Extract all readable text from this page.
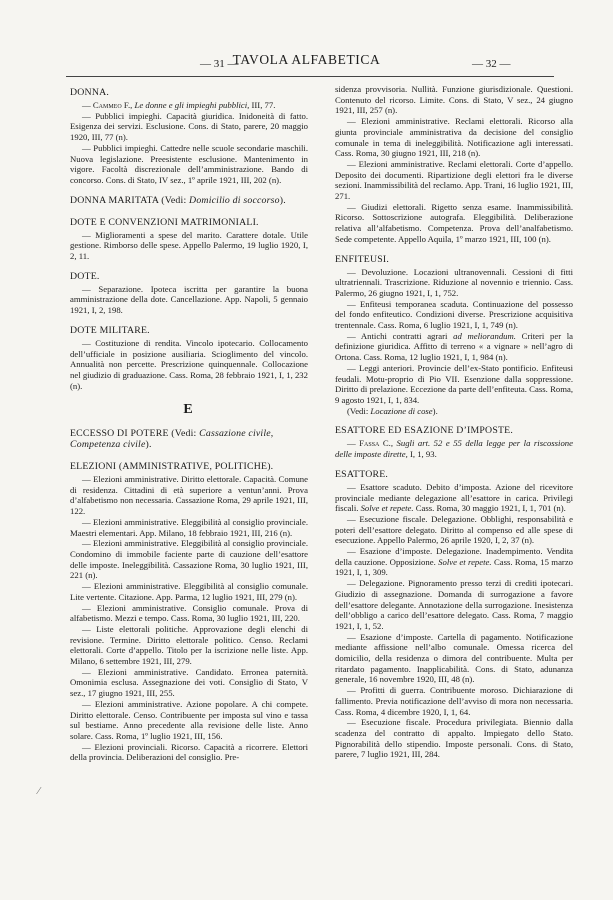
— 31 —
TAVOLA ALFABETICA	— 32 —
DONNA.

— Cammeo F., Le donne e gli impieghi pubblici, III, 77.

— Pubblici impieghi. Capacità giuridica. Inidoneità di fatto. Esigenza dei servizi. Esclusione. Cons. di Stato, parere, 20 maggio 1920, III, 77 (n).

— Pubblici impieghi. Cattedre nelle scuole secondarie maschili. Nuova legislazione. Preesistente esclusione. Mantenimento in vigore. Facoltà discrezionale dell’amministrazione. Bando di concorso. Cons. di Stato, IV sez., 1º aprile 1921, III, 202 (n).

DONNA MARITATA (Vedi: Domicilio di soccorso).
DOTE E CONVENZIONI MATRIMONIALI.

— Miglioramenti a spese del marito. Carattere dotale. Utile gestione. Rimborso delle spese. Appello Palermo, 19 luglio 1920, I, 2, 11.

DOTE.

— Separazione. Ipoteca iscritta per garantire la buona amministrazione della dote. Cancellazione. App. Napoli, 5 gennaio 1921, I, 2, 198.

DOTE MILITARE.

— Costituzione di rendita. Vincolo ipotecario. Collocamento dell’ufficiale in posizione ausiliaria. Scioglimento del vincolo. Annualità non percette. Prescrizione quinquennale. Collocazione nel giudizio di graduazione. Cass. Roma, 28 febbraio 1921, I, 1, 232 (n).

E
ECCESSO DI POTERE (Vedi: Cassazione civile, Competenza civile).
ELEZIONI (AMMINISTRATIVE, POLITICHE).

— Elezioni amministrative. Diritto elettorale. Capacità. Comune di residenza. Cittadini di età superiore a ventun’anni. Prova d’alfabetismo non necessaria. Cassazione Roma, 29 aprile 1921, III, 122.

— Elezioni amministrative. Eleggibilità al consiglio provinciale. Maestri elementari. App. Milano, 18 febbraio 1921, III, 216 (n).

— Elezioni amministrative. Eleggibilità al consiglio provinciale. Condomino di immobile faciente parte di cauzione dell’esattore delle imposte. Ineleggibilità. Cassazione Roma, 30 luglio 1921, III, 221 (n).

— Elezioni amministrative. Eleggibilità al consiglio comunale. Lite vertente. Citazione. App. Parma, 12 luglio 1921, III, 279 (n).

— Elezioni amministrative. Consiglio comunale. Prova di alfabetismo. Mezzi e tempo. Cass. Roma, 30 luglio 1921, III, 220.

— Liste elettorali politiche. Approvazione degli elenchi di revisione. Termine. Diritto elettorale politico. Censo. Reclami elettorali. Corte d’appello. Titolo per la iscrizione nelle liste. App. Milano, 6 settembre 1921, III, 279.

— Elezioni amministrative. Candidato. Erronea paternità. Omonimia esclusa. Assegnazione dei voti. Consiglio di Stato, V sez., 17 giugno 1921, III, 255.

— Elezioni amministrative. Azione popolare. A chi compete. Diritto elettorale. Censo. Contribuente per imposta sul vino e tassa sul bestiame. Anno precedente alla revisione delle liste. Anno solare. Cass. Roma, 1º luglio 1921, III, 156.

— Elezioni provinciali. Ricorso. Capacità a ricorrere. Elettori della provincia. Deliberazioni del consiglio. Pre-

sidenza provvisoria. Nullità. Funzione giurisdizionale. Questioni. Contenuto del ricorso. Limite. Cons. di Stato, V sez., 24 giugno 1921, III, 257 (n).

— Elezioni amministrative. Reclami elettorali. Ricorso alla giunta provinciale amministrativa da decisione del consiglio comunale in tema di ineleggibilità. Notificazione agli interessati. Cass. Roma, 30 giugno 1921, III, 218 (n).

— Elezioni amministrative. Reclami elettorali. Corte d’appello. Deposito dei documenti. Ripartizione degli elettori fra le diverse sezioni. Inammissibilità del reclamo. App. Trani, 16 luglio 1921, III, 271.

— Giudizi elettorali. Rigetto senza esame. Inammissibilità. Ricorso. Sottoscrizione autografa. Eleggibilità. Deliberazione relativa all’alfabetismo. Competenza. Prova dell’analfabetismo. Sede competente. Appello Aquila, 1º marzo 1921, III, 100 (n).

ENFITEUSI.

— Devoluzione. Locazioni ultranovennali. Cessioni di fitti ultratriennali. Trascrizione. Riduzione al novennio e triennio. Cass. Palermo, 26 giugno 1921, I, 1, 752.

— Enfiteusi temporanea scaduta. Continuazione del possesso del fondo enfiteutico. Condizioni diverse. Prescrizione acquisitiva trentennale. Cass. Roma, 6 luglio 1921, I, 1, 749 (n).

— Antichi contratti agrari ad meliorandum. Criteri per la definizione giuridica. Affitto di terreno « a vignare » nell’agro di Ortona. Cass. Roma, 12 luglio 1921, I, 1, 984 (n).

— Leggi anteriori. Provincie dell’ex-Stato pontificio. Enfiteusi feudali. Motu-proprio di Pio VII. Esenzione dalla soppressione. Diritto di prelazione. Eccezione da parte dell’enfiteuta. Cass. Roma, 9 agosto 1921, I, 1, 834.

(Vedi: Locazione di cose).

ESATTORE ED ESAZIONE D’IMPOSTE.

— Fassa C., Sugli art. 52 e 55 della legge per la riscossione delle imposte dirette, I, 1, 93.

ESATTORE.

— Esattore scaduto. Debito d’imposta. Azione del ricevitore provinciale mediante delegazione all’esattore in carica. Privilegi fiscali. Solve et repete. Cass. Roma, 30 maggio 1921, I, 1, 701 (n).

— Esecuzione fiscale. Delegazione. Obblighi, responsabilità e poteri dell’esattore delegato. Diritto al compenso ed alle spese di esecuzione. Appello Palermo, 26 aprile 1920, I, 2, 37 (n).

— Esazione d’imposte. Delegazione. Inadempimento. Vendita della cauzione. Opposizione. Solve et repete. Cass. Roma, 15 marzo 1921, I, 1, 309.

— Delegazione. Pignoramento presso terzi di crediti ipotecari. Giudizio di assegnazione. Domanda di surrogazione a favore dell’esattore delegante. Annotazione della surrogazione. Inesistenza dell’obbligo a carico dell’esattore delegato. Cass. Roma, 7 maggio 1921, I, 1, 52.

— Esazione d’imposte. Cartella di pagamento. Notificazione mediante affissione nell’albo comunale. Omessa ricerca del domicilio, della residenza o dimora del contribuente. Multa per ritardato pagamento. Inapplicabilità. Cons. di Stato, adunanza generale, 16 novembre 1920, III, 48 (n).

— Profitti di guerra. Contribuente moroso. Dichiarazione di fallimento. Previa notificazione dell’avviso di mora non necessaria. Cass. Roma, 4 dicembre 1920, I, 1, 64.

— Esecuzione fiscale. Procedura privilegiata. Biennio dalla scadenza del contratto di appalto. Impiegato dello Stato. Pignorabilità dello stipendio. Imposte personali. Cons. di Stato, parere, 7 luglio 1921, III, 284.

⁄
